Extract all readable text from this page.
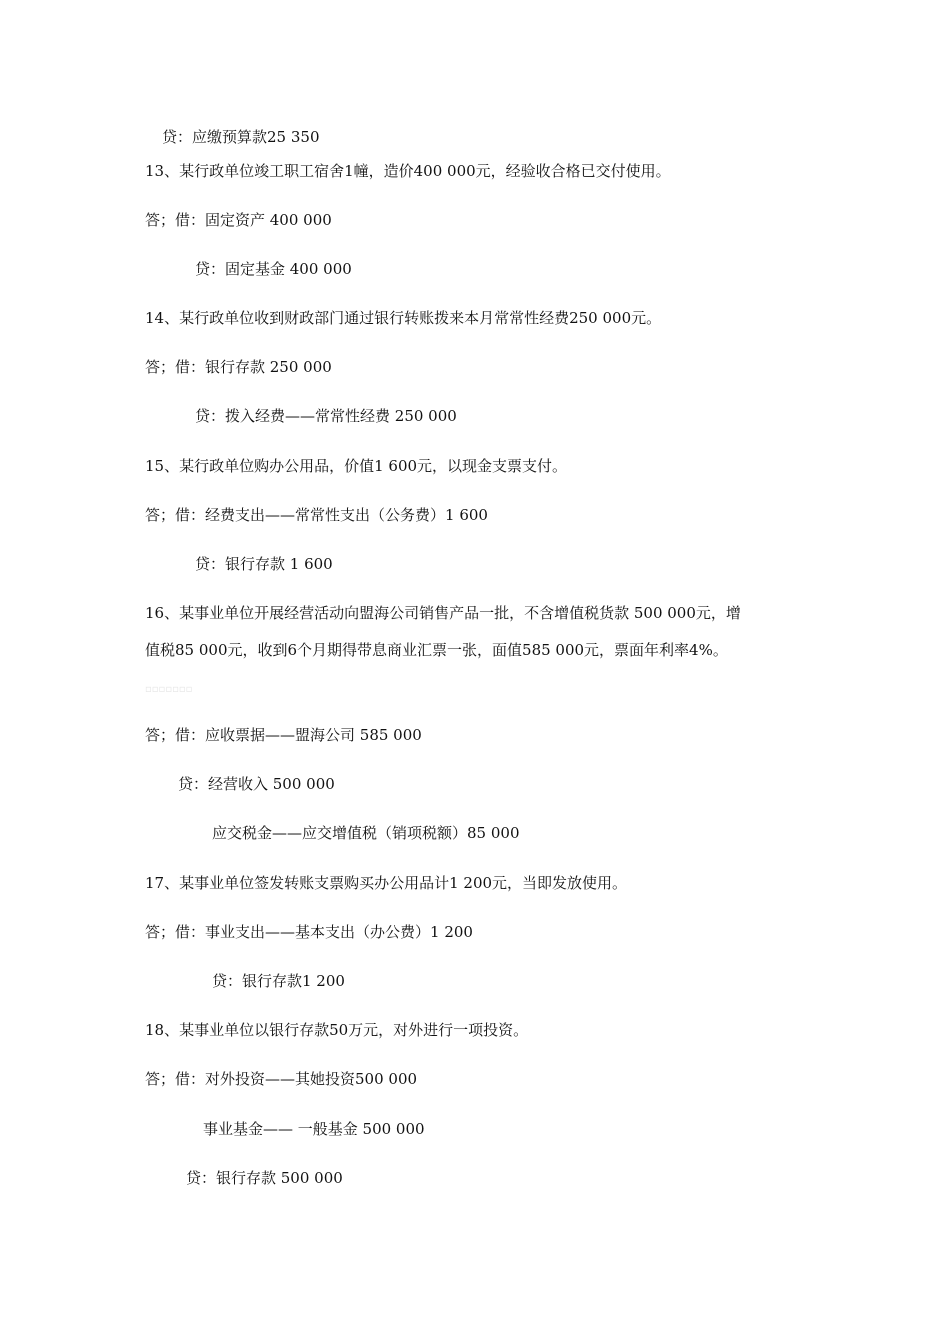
贷：应缴预算款25 350
13、某行政单位竣工职工宿舍1幢，造价400 000元，经验收合格已交付使用。
答；借：固定资产 400 000
贷：固定基金 400 000
14、某行政单位收到财政部门通过银行转账拨来本月常常性经费250 000元。
答；借：银行存款 250 000
贷：拨入经费——常常性经费 250 000
15、某行政单位购办公用品，价值1 600元，以现金支票支付。
答；借：经费支出——常常性支出（公务费）1 600
贷：银行存款 1 600
16、某事业单位开展经营活动向盟海公司销售产品一批，不含增值税货款 500 000元，增
值税85 000元，收到6个月期得带息商业汇票一张，面值585 000元，票面年利率4%。
▫▫▫▫▫▫▫
答；借：应收票据——盟海公司 585 000
贷：经营收入 500 000
应交税金——应交增值税（销项税额）85 000
17、某事业单位签发转账支票购买办公用品计1 200元，当即发放使用。
答；借：事业支出——基本支出（办公费）1 200
贷：银行存款1 200
18、某事业单位以银行存款50万元，对外进行一项投资。
答；借：对外投资——其她投资500 000
事业基金—— 一般基金 500 000
贷：银行存款 500 000
